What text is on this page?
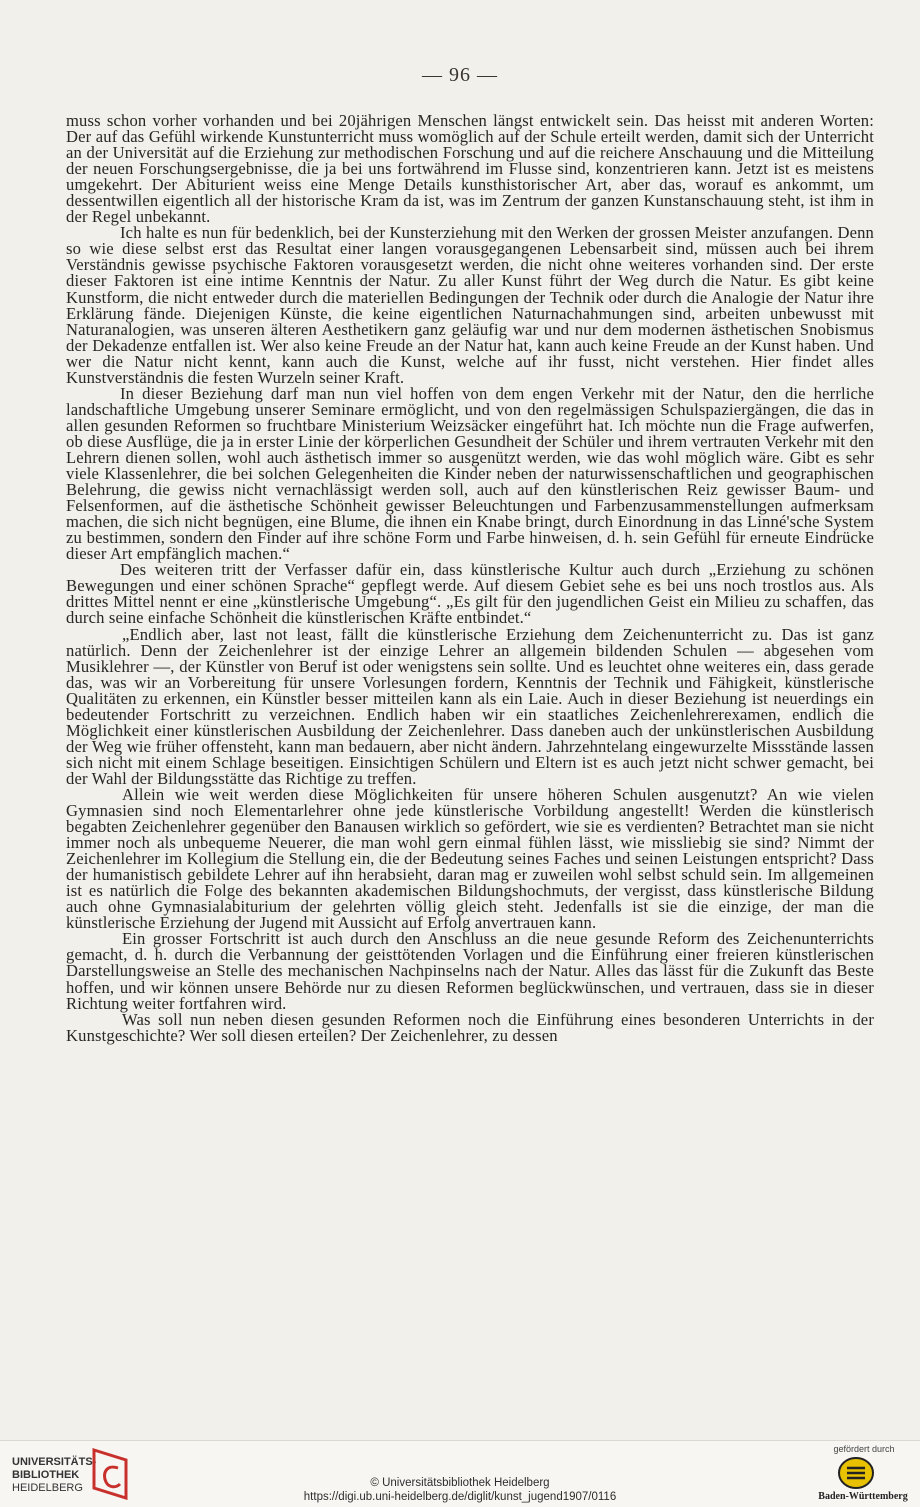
— 96 —

muss schon vorher vorhanden und bei 20jährigen Menschen längst entwickelt sein. Das heisst mit anderen Worten: Der auf das Gefühl wirkende Kunstunterricht muss womöglich auf der Schule erteilt werden, damit sich der Unterricht an der Universität auf die Erziehung zur methodischen Forschung und auf die reichere Anschauung und die Mitteilung der neuen Forschungsergebnisse, die ja bei uns fortwährend im Flusse sind, konzentrieren kann. Jetzt ist es meistens umgekehrt. Der Abiturient weiss eine Menge Details kunsthistorischer Art, aber das, worauf es ankommt, um dessentwillen eigentlich all der historische Kram da ist, was im Zentrum der ganzen Kunstanschauung steht, ist ihm in der Regel unbekannt.

Ich halte es nun für bedenklich, bei der Kunsterziehung mit den Werken der grossen Meister anzufangen. Denn so wie diese selbst erst das Resultat einer langen vorausgegangenen Lebensarbeit sind, müssen auch bei ihrem Verständnis gewisse psychische Faktoren vorausgesetzt werden, die nicht ohne weiteres vorhanden sind. Der erste dieser Faktoren ist eine intime Kenntnis der Natur. Zu aller Kunst führt der Weg durch die Natur. Es gibt keine Kunstform, die nicht entweder durch die materiellen Bedingungen der Technik oder durch die Analogie der Natur ihre Erklärung fände. Diejenigen Künste, die keine eigentlichen Naturnachahmungen sind, arbeiten unbewusst mit Naturanalogien, was unseren älteren Aesthetikern ganz geläufig war und nur dem modernen ästhetischen Snobismus der Dekadenze entfallen ist. Wer also keine Freude an der Natur hat, kann auch keine Freude an der Kunst haben. Und wer die Natur nicht kennt, kann auch die Kunst, welche auf ihr fusst, nicht verstehen. Hier findet alles Kunstverständnis die festen Wurzeln seiner Kraft.

In dieser Beziehung darf man nun viel hoffen von dem engen Verkehr mit der Natur, den die herrliche landschaftliche Umgebung unserer Seminare ermöglicht, und von den regelmässigen Schulspaziergängen, die das in allen gesunden Reformen so fruchtbare Ministerium Weizsäcker eingeführt hat. Ich möchte nun die Frage aufwerfen, ob diese Ausflüge, die ja in erster Linie der körperlichen Gesundheit der Schüler und ihrem vertrauten Verkehr mit den Lehrern dienen sollen, wohl auch ästhetisch immer so ausgenützt werden, wie das wohl möglich wäre. Gibt es sehr viele Klassenlehrer, die bei solchen Gelegenheiten die Kinder neben der naturwissenschaftlichen und geographischen Belehrung, die gewiss nicht vernachlässigt werden soll, auch auf den künstlerischen Reiz gewisser Baum- und Felsenformen, auf die ästhetische Schönheit gewisser Beleuchtungen und Farbenzusammenstellungen aufmerksam machen, die sich nicht begnügen, eine Blume, die ihnen ein Knabe bringt, durch Einordnung in das Linné'sche System zu bestimmen, sondern den Finder auf ihre schöne Form und Farbe hinweisen, d. h. sein Gefühl für erneute Eindrücke dieser Art empfänglich machen.“

Des weiteren tritt der Verfasser dafür ein, dass künstlerische Kultur auch durch „Erziehung zu schönen Bewegungen und einer schönen Sprache“ gepflegt werde. Auf diesem Gebiet sehe es bei uns noch trostlos aus. Als drittes Mittel nennt er eine „künstlerische Umgebung“. „Es gilt für den jugendlichen Geist ein Milieu zu schaffen, das durch seine einfache Schönheit die künstlerischen Kräfte entbindet.“

„Endlich aber, last not least, fällt die künstlerische Erziehung dem Zeichenunterricht zu. Das ist ganz natürlich. Denn der Zeichenlehrer ist der einzige Lehrer an allgemein bildenden Schulen — abgesehen vom Musiklehrer —, der Künstler von Beruf ist oder wenigstens sein sollte. Und es leuchtet ohne weiteres ein, dass gerade das, was wir an Vorbereitung für unsere Vorlesungen fordern, Kenntnis der Technik und Fähigkeit, künstlerische Qualitäten zu erkennen, ein Künstler besser mitteilen kann als ein Laie. Auch in dieser Beziehung ist neuerdings ein bedeutender Fortschritt zu verzeichnen. Endlich haben wir ein staatliches Zeichenlehrerexamen, endlich die Möglichkeit einer künstlerischen Ausbildung der Zeichenlehrer. Dass daneben auch der unkünstlerischen Ausbildung der Weg wie früher offensteht, kann man bedauern, aber nicht ändern. Jahrzehntelang eingewurzelte Missstände lassen sich nicht mit einem Schlage beseitigen. Einsichtigen Schülern und Eltern ist es auch jetzt nicht schwer gemacht, bei der Wahl der Bildungsstätte das Richtige zu treffen.

Allein wie weit werden diese Möglichkeiten für unsere höheren Schulen ausgenutzt? An wie vielen Gymnasien sind noch Elementarlehrer ohne jede künstlerische Vorbildung angestellt! Werden die künstlerisch begabten Zeichenlehrer gegenüber den Banausen wirklich so gefördert, wie sie es verdienten? Betrachtet man sie nicht immer noch als unbequeme Neuerer, die man wohl gern einmal fühlen lässt, wie missliebig sie sind? Nimmt der Zeichenlehrer im Kollegium die Stellung ein, die der Bedeutung seines Faches und seinen Leistungen entspricht? Dass der humanistisch gebildete Lehrer auf ihn herabsieht, daran mag er zuweilen wohl selbst schuld sein. Im allgemeinen ist es natürlich die Folge des bekannten akademischen Bildungshochmuts, der vergisst, dass künstlerische Bildung auch ohne Gymnasialabiturium der gelehrten völlig gleich steht. Jedenfalls ist sie die einzige, der man die künstlerische Erziehung der Jugend mit Aussicht auf Erfolg anvertrauen kann.

Ein grosser Fortschritt ist auch durch den Anschluss an die neue gesunde Reform des Zeichenunterrichts gemacht, d. h. durch die Verbannung der geisttötenden Vorlagen und die Einführung einer freieren künstlerischen Darstellungsweise an Stelle des mechanischen Nachpinselns nach der Natur. Alles das lässt für die Zukunft das Beste hoffen, und wir können unsere Behörde nur zu diesen Reformen beglückwünschen, und vertrauen, dass sie in dieser Richtung weiter fortfahren wird.

Was soll nun neben diesen gesunden Reformen noch die Einführung eines besonderen Unterrichts in der Kunstgeschichte? Wer soll diesen erteilen? Der Zeichenlehrer, zu dessen

UNIVERSITÄTS-
BIBLIOTHEK
HEIDELBERG	© Universitätsbibliothek Heidelberg
https://digi.ub.uni-heidelberg.de/diglit/kunst_jugend1907/0116
gefördert durch
Baden-Württemberg
